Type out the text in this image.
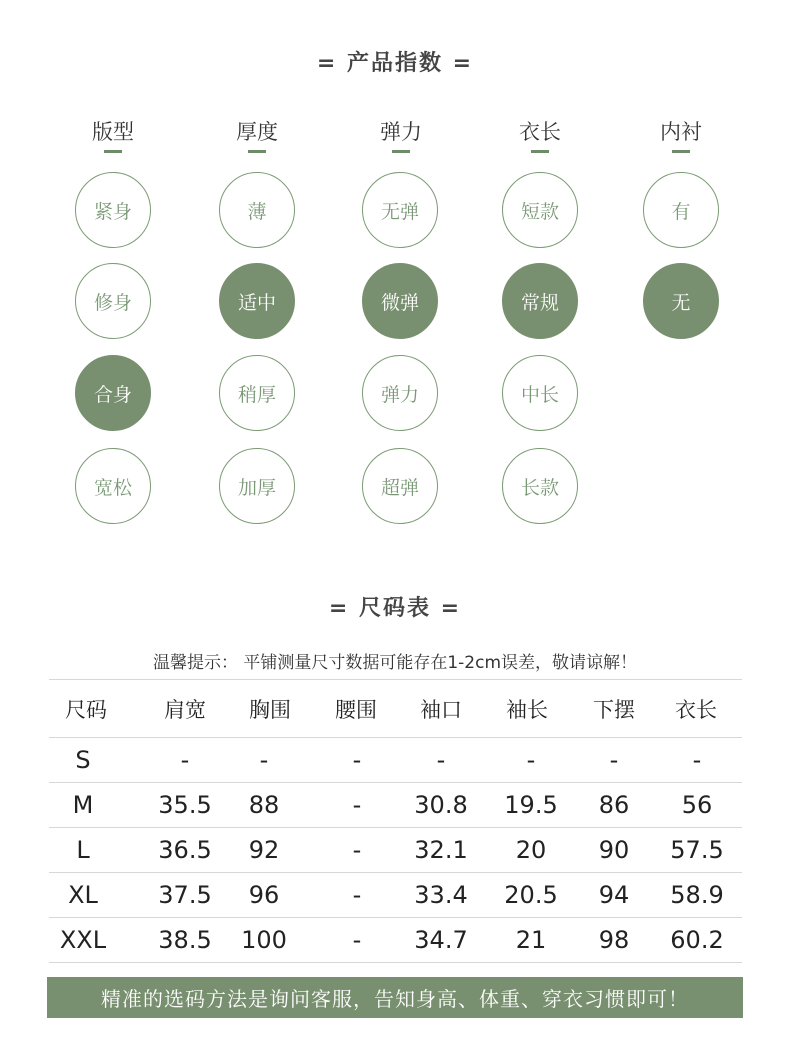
= 产品指数 =
版型	厚度	弹力	衣长	内衬
紧身
修身
合身
宽松
薄
适中
稍厚
加厚
无弹
微弹
弹力
超弹
短款
常规
中长
长款
有
无
= 尺码表 =
温馨提示： 平铺测量尺寸数据可能存在1-2cm误差，敬请谅解！
尺码	肩宽	胸围	腰围	袖口	袖长	下摆	衣长
S	-	-	-	-	-	-	-
M	35.5	88	-	30.8	19.5	86	56
L	36.5	92	-	32.1	20	90	57.5
XL	37.5	96	-	33.4	20.5	94	58.9
XXL	38.5	100	-	34.7	21	98	60.2
精准的选码方法是询问客服，告知身高、体重、穿衣习惯即可！
